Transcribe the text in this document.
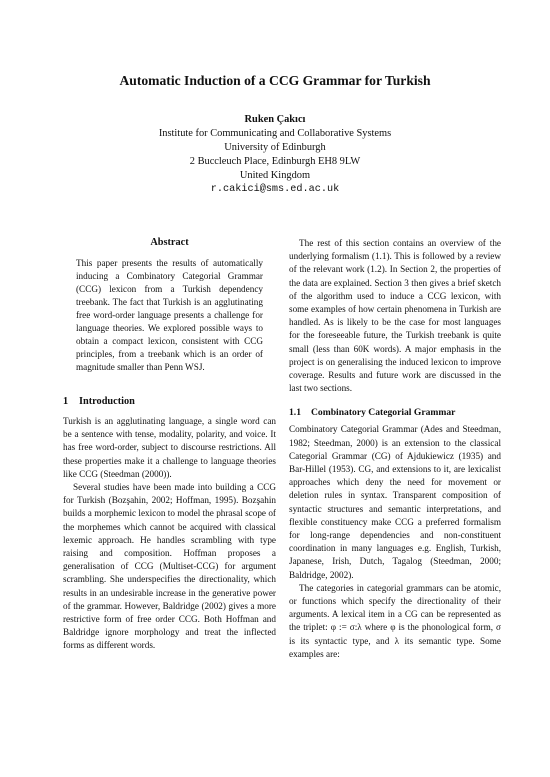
Automatic Induction of a CCG Grammar for Turkish
Ruken Çakıcı
Institute for Communicating and Collaborative Systems
University of Edinburgh
2 Buccleuch Place, Edinburgh EH8 9LW
United Kingdom
r.cakici@sms.ed.ac.uk
Abstract

This paper presents the results of automatically inducing a Combinatory Categorial Grammar (CCG) lexicon from a Turkish dependency treebank. The fact that Turkish is an agglutinating free word-order language presents a challenge for language theories. We explored possible ways to obtain a compact lexicon, consistent with CCG principles, from a treebank which is an order of magnitude smaller than Penn WSJ.

1 Introduction

Turkish is an agglutinating language, a single word can be a sentence with tense, modality, polarity, and voice. It has free word-order, subject to discourse restrictions. All these properties make it a challenge to language theories like CCG (Steedman (2000)).

Several studies have been made into building a CCG for Turkish (Bozşahin, 2002; Hoffman, 1995). Bozşahin builds a morphemic lexicon to model the phrasal scope of the morphemes which cannot be acquired with classical lexemic approach. He handles scrambling with type raising and composition. Hoffman proposes a generalisation of CCG (Multiset-CCG) for argument scrambling. She underspecifies the directionality, which results in an undesirable increase in the generative power of the grammar. However, Baldridge (2002) gives a more restrictive form of free order CCG. Both Hoffman and Baldridge ignore morphology and treat the inflected forms as different words.

The rest of this section contains an overview of the underlying formalism (1.1). This is followed by a review of the relevant work (1.2). In Section 2, the properties of the data are explained. Section 3 then gives a brief sketch of the algorithm used to induce a CCG lexicon, with some examples of how certain phenomena in Turkish are handled. As is likely to be the case for most languages for the foreseeable future, the Turkish treebank is quite small (less than 60K words). A major emphasis in the project is on generalising the induced lexicon to improve coverage. Results and future work are discussed in the last two sections.

1.1 Combinatory Categorial Grammar

Combinatory Categorial Grammar (Ades and Steedman, 1982; Steedman, 2000) is an extension to the classical Categorial Grammar (CG) of Ajdukiewicz (1935) and Bar-Hillel (1953). CG, and extensions to it, are lexicalist approaches which deny the need for movement or deletion rules in syntax. Transparent composition of syntactic structures and semantic interpretations, and flexible constituency make CCG a preferred formalism for long-range dependencies and non-constituent coordination in many languages e.g. English, Turkish, Japanese, Irish, Dutch, Tagalog (Steedman, 2000; Baldridge, 2002).

The categories in categorial grammars can be atomic, or functions which specify the directionality of their arguments. A lexical item in a CG can be represented as the triplet: φ := σ:λ where φ is the phonological form, σ is its syntactic type, and λ its semantic type. Some examples are:
